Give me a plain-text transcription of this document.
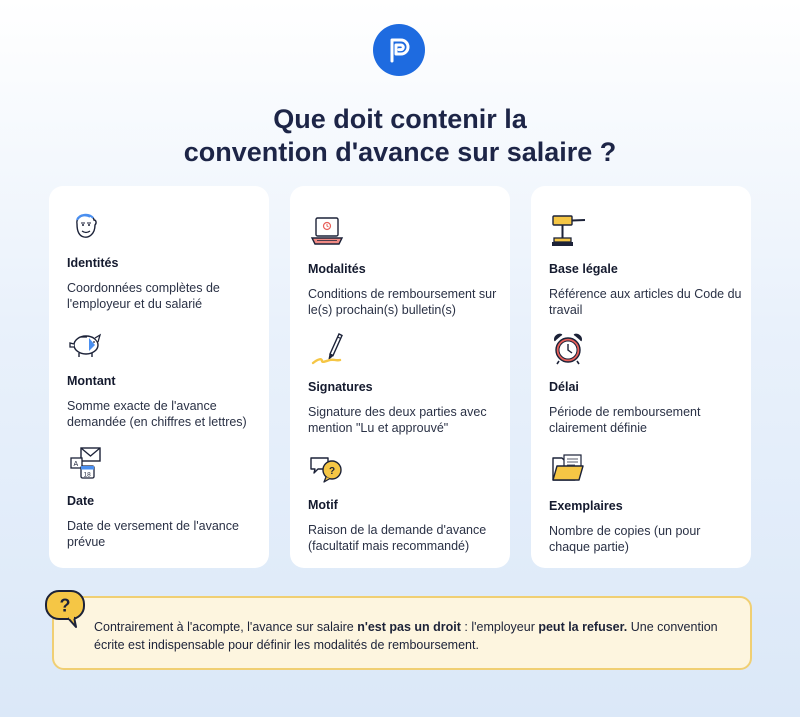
Que doit contenir la
convention d'avance sur salaire ?
Identités
Coordonnées complètes de l'employeur et du salarié
Montant
Somme exacte de l'avance demandée (en chiffres et lettres)
A
18
Date
Date de versement de l'avance prévue
Modalités
Conditions de remboursement sur le(s) prochain(s) bulletin(s)
Signatures
Signature des deux parties avec mention "Lu et approuvé"
?
Motif
Raison de la demande d'avance (facultatif mais recommandé)
Base légale
Référence aux articles du Code du travail
Délai
Période de remboursement clairement définie
Exemplaires
Nombre de copies (un pour chaque partie)

Contrairement à l'acompte, l'avance sur salaire n'est pas un droit : l'employeur peut la refuser. Une convention écrite est indispensable pour définir les modalités de remboursement.

?
